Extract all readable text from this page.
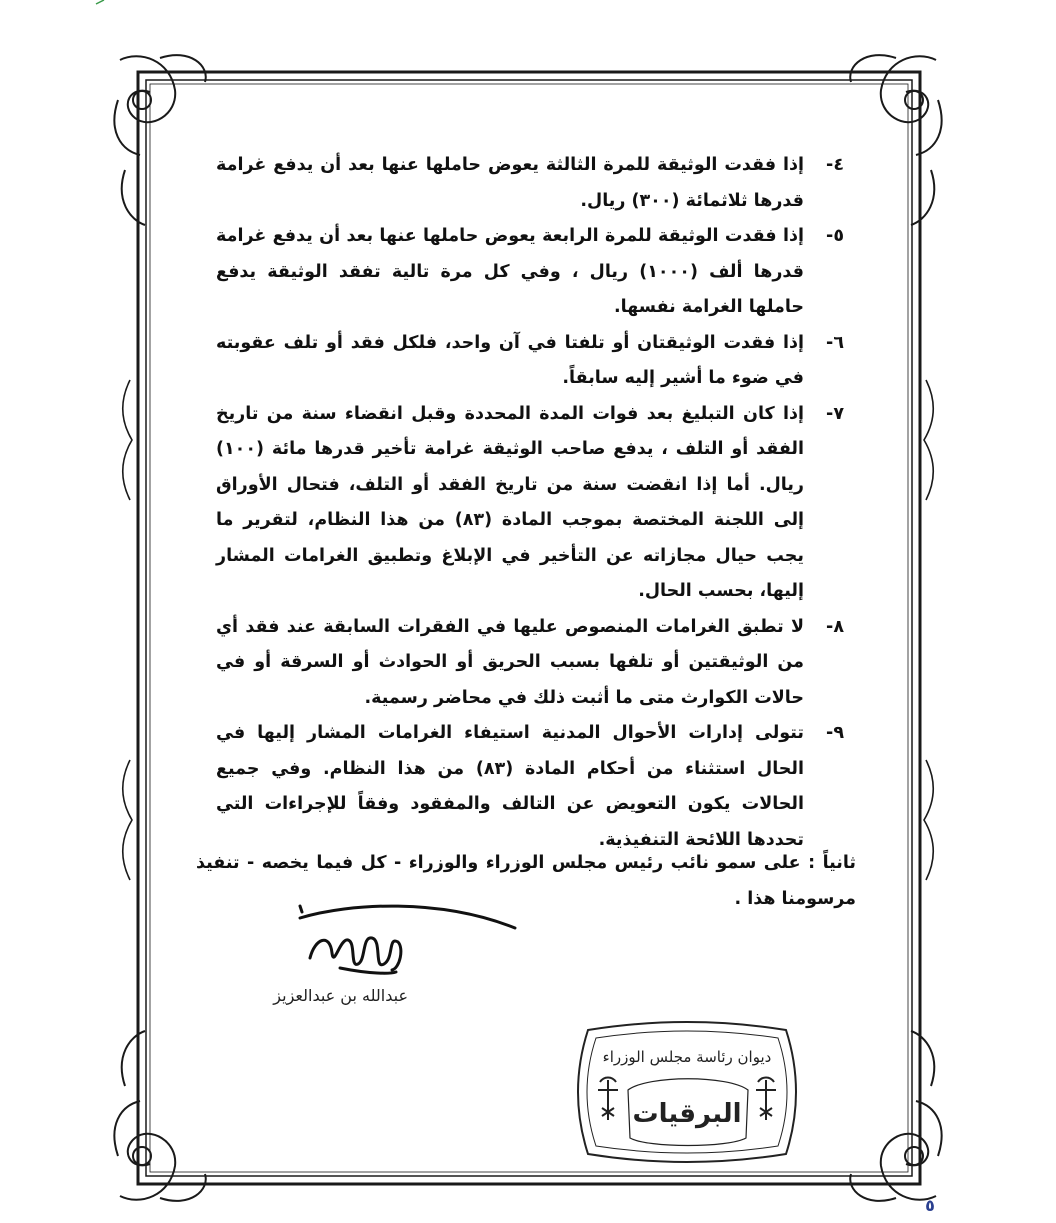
٤-
إذا فقدت الوثيقة للمرة الثالثة يعوض حاملها عنها بعد أن يدفع غرامة قدرها ثلاثمائة (٣٠٠) ريال.
٥-
إذا فقدت الوثيقة للمرة الرابعة يعوض حاملها عنها بعد أن يدفع غرامة قدرها ألف (١٠٠٠) ريال ، وفي كل مرة تالية تفقد الوثيقة يدفع حاملها الغرامة نفسها.
٦-
إذا فقدت الوثيقتان أو تلفتا في آن واحد، فلكل فقد أو تلف عقوبته في ضوء ما أشير إليه سابقاً.
٧-
إذا كان التبليغ بعد فوات المدة المحددة وقبل انقضاء سنة من تاريخ الفقد أو التلف ، يدفع صاحب الوثيقة غرامة تأخير قدرها مائة (١٠٠) ريال. أما إذا انقضت سنة من تاريخ الفقد أو التلف، فتحال الأوراق إلى اللجنة المختصة بموجب المادة (٨٣) من هذا النظام، لتقرير ما يجب حيال مجازاته عن التأخير في الإبلاغ وتطبيق الغرامات المشار إليها، بحسب الحال.
٨-
لا تطبق الغرامات المنصوص عليها في الفقرات السابقة عند فقد أي من الوثيقتين أو تلفها بسبب الحريق أو الحوادث أو السرقة أو في حالات الكوارث متى ما أثبت ذلك في محاضر رسمية.
٩-
تتولى إدارات الأحوال المدنية استيفاء الغرامات المشار إليها في الحال استثناء من أحكام المادة (٨٣) من هذا النظام. وفي جميع الحالات يكون التعويض عن التالف والمفقود وفقاً للإجراءات التي تحددها اللائحة التنفيذية.
ثانياً : على سمو نائب رئيس مجلس الوزراء والوزراء - كل فيما يخصه - تنفيذ مرسومنا هذا .
عبدالله بن عبدالعزيز
ديوان رئاسة مجلس الوزراء
البرقيات
٥
